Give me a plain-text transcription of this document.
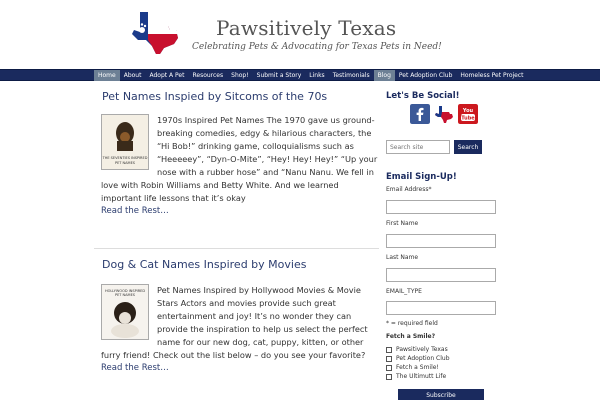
Pawsitively Texas
Celebrating Pets & Advocating for Texas Pets in Need!
Home	About	Adopt A Pet	Resources	Shop!	Submit a Story	Links	Testimonials	Blog	Pet Adoption Club	Homeless Pet Project
Pet Names Inspied by Sitcoms of the 70s
THE SEVENTIES INSPIRED
PET NAMES
1970s Inspired Pet Names The 1970 gave us ground-breaking comedies, edgy & hilarious characters, the “Hi Bob!” drinking game, colloquialisms such as “Heeeeey”, “Dyn-O-Mite”, “Hey! Hey! Hey!” “Up your nose with a rubber hose” and “Nanu Nanu. We fell in love with Robin Williams and Betty White. And we learned important life lessons that it’s okay
Read the Rest…
Dog & Cat Names Inspired by Movies
HOLLYWOOD INSPIRED
PET NAMES	Pet Names Inspired by Hollywood Movies & Movie Stars Actors and movies provide such great entertainment and joy! It’s no wonder they can provide the inspiration to help us select the perfect name for our new dog, cat, puppy, kitten, or other furry friend! Check out the list below – do you see your favorite?
Read the Rest…
Let's Be Social!
You
Tube
Search site
Search
Email Sign-Up!
Email Address*
First Name
Last Name
EMAIL_TYPE
* = required field
Fetch a Smile?
Pawsitively Texas
Pet Adoption Club
Fetch a Smile!
The Ultimutt Life
Subscribe
